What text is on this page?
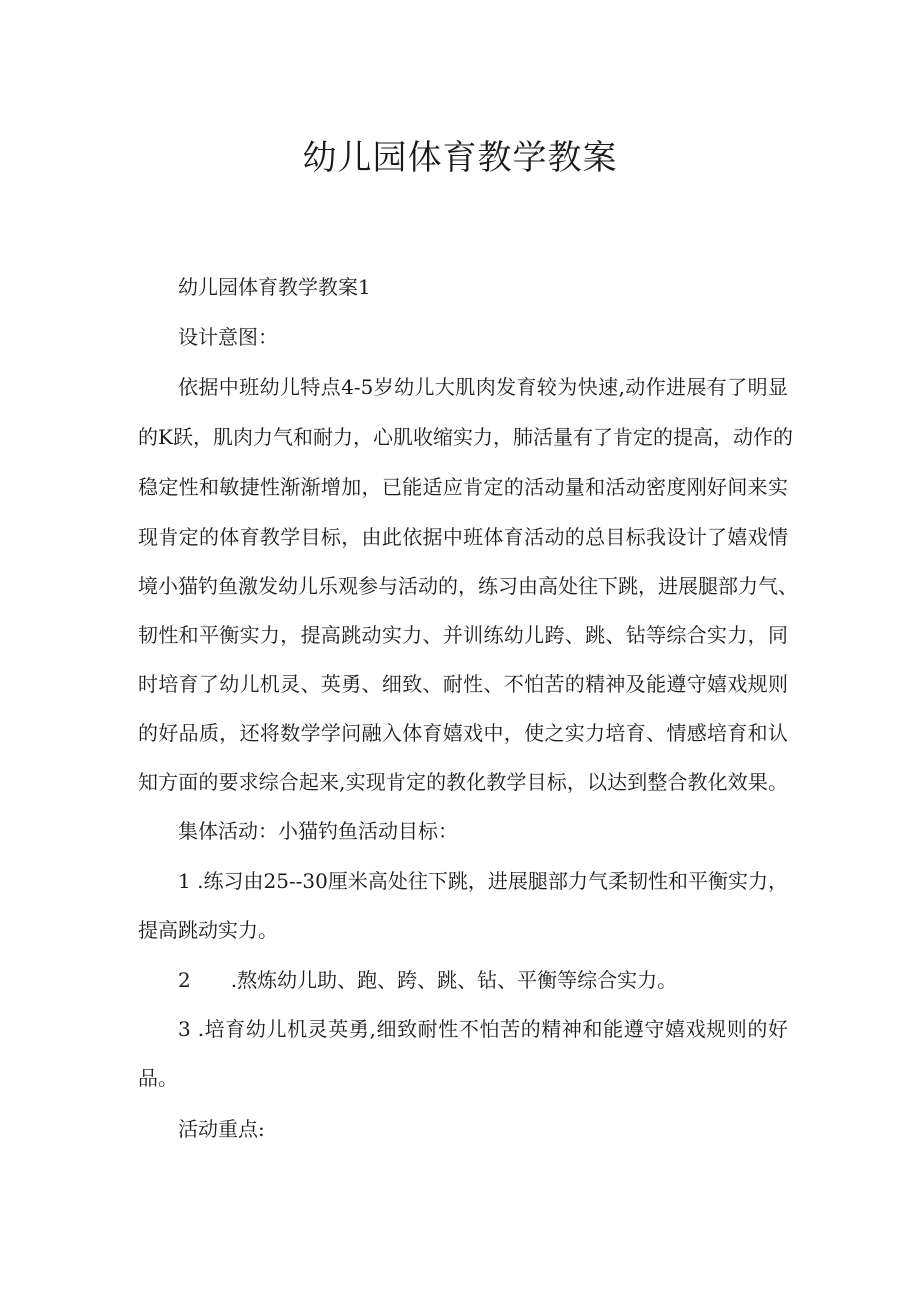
幼儿园体育教学教案

幼儿园体育教学教案1

设计意图：

依据中班幼儿特点4-5岁幼儿大肌肉发育较为快速,动作进展有了明显

的K跃，肌肉力气和耐力，心肌收缩实力，肺活量有了肯定的提高，动作的

稳定性和敏捷性渐渐增加，已能适应肯定的活动量和活动密度刚好间来实

现肯定的体育教学目标，由此依据中班体育活动的总目标我设计了嬉戏情

境小猫钓鱼激发幼儿乐观参与活动的，练习由高处往下跳，进展腿部力气、

韧性和平衡实力，提高跳动实力、并训练幼儿跨、跳、钻等综合实力，同

时培育了幼儿机灵、英勇、细致、耐性、不怕苦的精神及能遵守嬉戏规则

的好品质，还将数学学问融入体育嬉戏中，使之实力培育、情感培育和认

知方面的要求综合起来,实现肯定的教化教学目标，以达到整合教化效果。

集体活动：小猫钓鱼活动目标：

1 .练习由25--30厘米高处往下跳，进展腿部力气柔韧性和平衡实力，

提高跳动实力。

2 .熬炼幼儿助、跑、跨、跳、钻、平衡等综合实力。

3 .培育幼儿机灵英勇,细致耐性不怕苦的精神和能遵守嬉戏规则的好

品。

活动重点:
